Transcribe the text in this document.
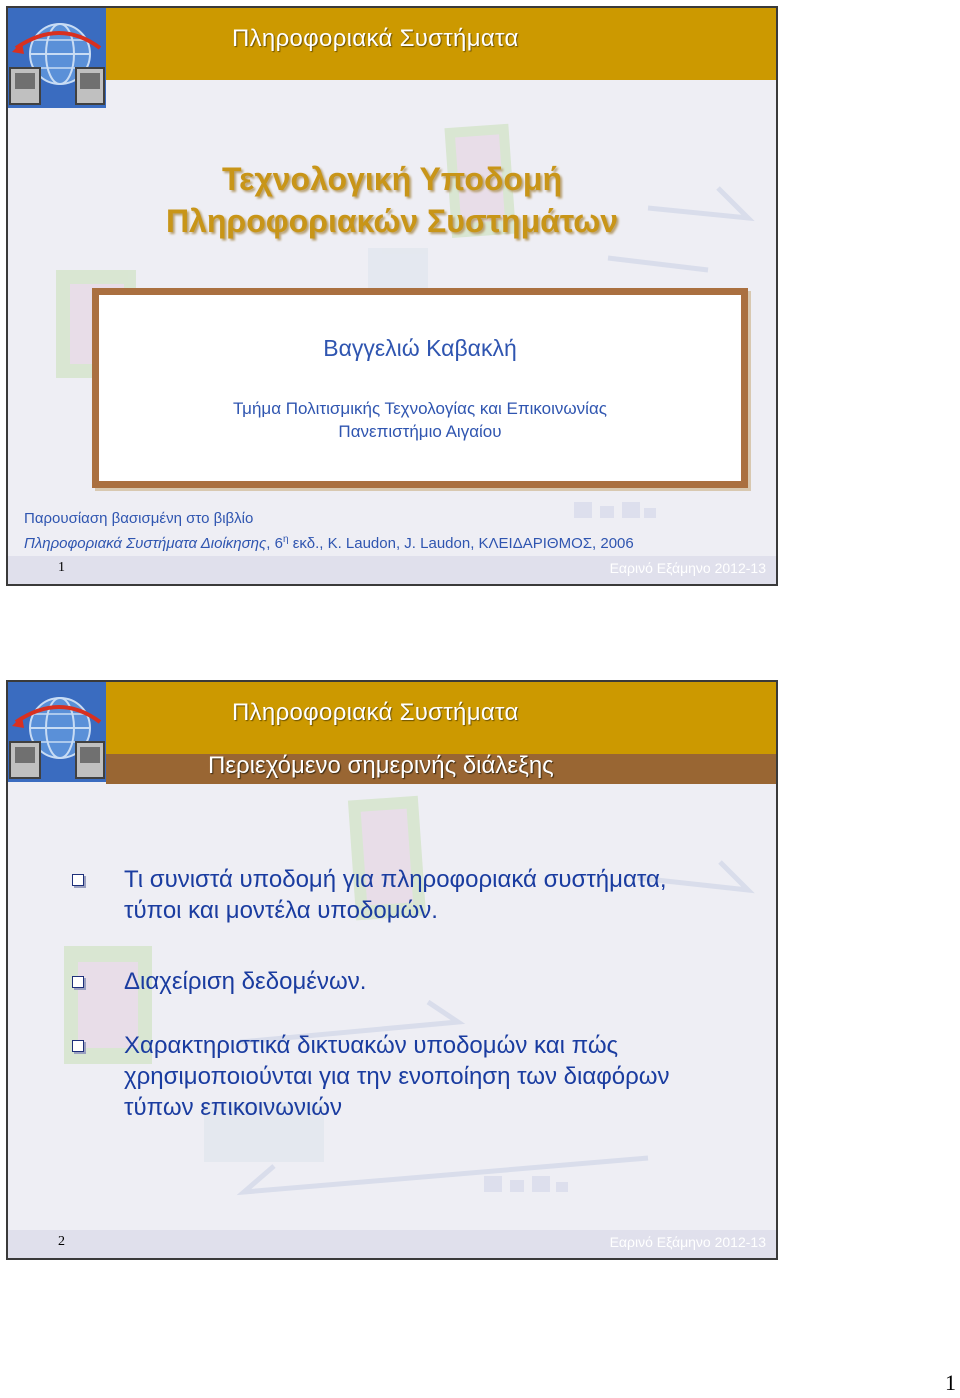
Πληροφοριακά Συστήματα
Τεχνολογική Υποδομή
Πληροφοριακών Συστημάτων
Βαγγελιώ Καβακλή
Τμήμα Πολιτισμικής Τεχνολογίας και Επικοινωνίας
Πανεπιστήμιο Αιγαίου
Παρουσίαση βασισμένη στο βιβλίο
Πληροφοριακά Συστήματα Διοίκησης, $6^\eta$ εκδ., K. Laudon, J. Laudon, ΚΛΕΙΔΑΡΙΘΜΟΣ, 2006
1	Εαρινό Εξάμηνο 2012-13
Πληροφοριακά Συστήματα
Περιεχόμενο σημερινής διάλεξης
Τι συνιστά υποδομή για πληροφοριακά συστήματα, τύποι και μοντέλα υποδομών.
Διαχείριση δεδομένων.
Χαρακτηριστικά δικτυακών υποδομών και πώς χρησιμοποιούνται για την ενοποίηση των διαφόρων τύπων επικοινωνιών
2	Εαρινό Εξάμηνο 2012-13
1
